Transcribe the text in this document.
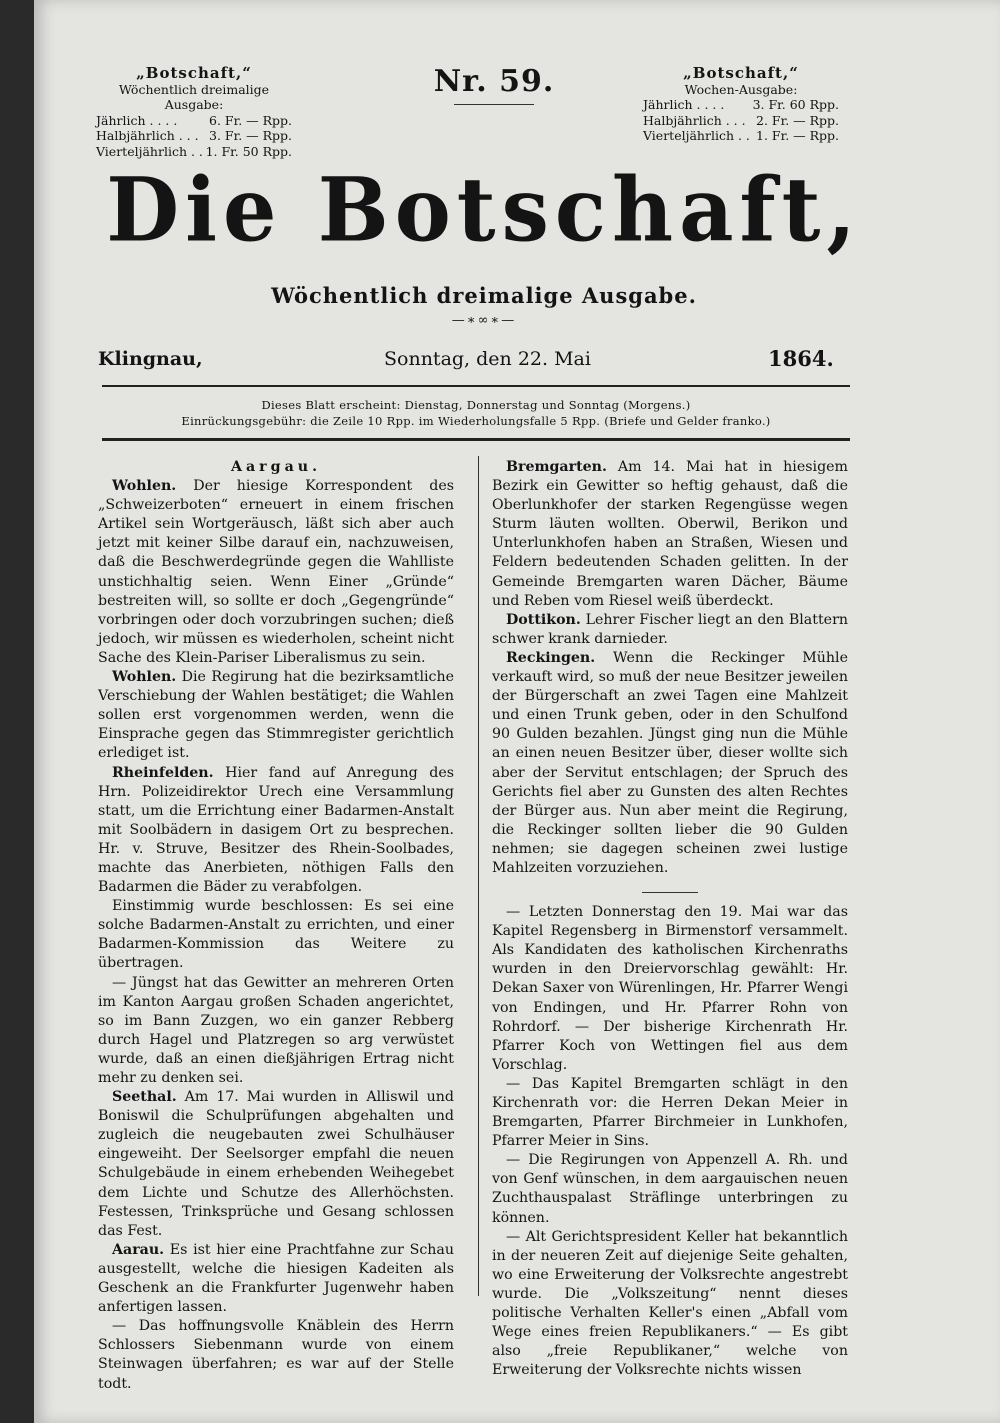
„Botschaft,“
Wöchentlich dreimalige Ausgabe:
Jährlich . . . .	6. Fr. — Rpp.
Halbjährlich . . . 3. Fr. — Rpp.
Vierteljährlich . . 1. Fr. 50 Rpp.
Nr. 59.	„Botschaft,“
Wochen-Ausgabe:
Jährlich . . . . 3. Fr. 60 Rpp.
Halbjährlich . . . 2. Fr. — Rpp.
Vierteljährlich . . 1. Fr. — Rpp.
Die Botschaft,
Wöchentlich dreimalige Ausgabe.
—∗∞∗—
Klingnau,	Sonntag, den 22. Mai	1864.
Dieses Blatt erscheint: Dienstag, Donnerstag und Sonntag (Morgens.)
Einrückungsgebühr: die Zeile 10 Rpp. im Wiederholungsfalle 5 Rpp. (Briefe und Gelder franko.)

Aargau.

Wohlen. Der hiesige Korrespondent des „Schweizerboten“ erneuert in einem frischen Artikel sein Wortgeräusch, läßt sich aber auch jetzt mit keiner Silbe darauf ein, nachzuweisen, daß die Beschwerdegründe gegen die Wahlliste unstichhaltig seien. Wenn Einer „Gründe“ bestreiten will, so sollte er doch „Gegengründe“ vorbringen oder doch vorzubringen suchen; dieß jedoch, wir müssen es wiederholen, scheint nicht Sache des Klein-Pariser Liberalismus zu sein.

Wohlen. Die Regirung hat die bezirksamtliche Verschiebung der Wahlen bestätiget; die Wahlen sollen erst vorgenommen werden, wenn die Einsprache gegen das Stimmregister gerichtlich erlediget ist.

Rheinfelden. Hier fand auf Anregung des Hrn. Polizeidirektor Urech eine Versammlung statt, um die Errichtung einer Badarmen-Anstalt mit Soolbädern in dasigem Ort zu besprechen. Hr. v. Struve, Besitzer des Rhein-Soolbades, machte das Anerbieten, nöthigen Falls den Badarmen die Bäder zu verabfolgen.

Einstimmig wurde beschlossen: Es sei eine solche Badarmen-Anstalt zu errichten, und einer Badarmen-Kommission das Weitere zu übertragen.

— Jüngst hat das Gewitter an mehreren Orten im Kanton Aargau großen Schaden angerichtet, so im Bann Zuzgen, wo ein ganzer Rebberg durch Hagel und Platzregen so arg verwüstet wurde, daß an einen dießjährigen Ertrag nicht mehr zu denken sei.

Seethal. Am 17. Mai wurden in Alliswil und Boniswil die Schulprüfungen abgehalten und zugleich die neugebauten zwei Schulhäuser eingeweiht. Der Seelsorger empfahl die neuen Schulgebäude in einem erhebenden Weihegebet dem Lichte und Schutze des Allerhöchsten. Festessen, Trinksprüche und Gesang schlossen das Fest.

Aarau. Es ist hier eine Prachtfahne zur Schau ausgestellt, welche die hiesigen Kadeiten als Geschenk an die Frankfurter Jugenwehr haben anfertigen lassen.

— Das hoffnungsvolle Knäblein des Herrn Schlossers Siebenmann wurde von einem Steinwagen überfahren; es war auf der Stelle todt.

Bremgarten. Am 14. Mai hat in hiesigem Bezirk ein Gewitter so heftig gehaust, daß die Oberlunkhofer der starken Regengüsse wegen Sturm läuten wollten. Oberwil, Berikon und Unterlunkhofen haben an Straßen, Wiesen und Feldern bedeutenden Schaden gelitten. In der Gemeinde Bremgarten waren Dächer, Bäume und Reben vom Riesel weiß überdeckt.

Dottikon. Lehrer Fischer liegt an den Blattern schwer krank darnieder.

Reckingen. Wenn die Reckinger Mühle verkauft wird, so muß der neue Besitzer jeweilen der Bürgerschaft an zwei Tagen eine Mahlzeit und einen Trunk geben, oder in den Schulfond 90 Gulden bezahlen. Jüngst ging nun die Mühle an einen neuen Besitzer über, dieser wollte sich aber der Servitut entschlagen; der Spruch des Gerichts fiel aber zu Gunsten des alten Rechtes der Bürger aus. Nun aber meint die Regirung, die Reckinger sollten lieber die 90 Gulden nehmen; sie dagegen scheinen zwei lustige Mahlzeiten vorzuziehen.

— Letzten Donnerstag den 19. Mai war das Kapitel Regensberg in Birmenstorf versammelt. Als Kandidaten des katholischen Kirchenraths wurden in den Dreiervorschlag gewählt: Hr. Dekan Saxer von Würenlingen, Hr. Pfarrer Wengi von Endingen, und Hr. Pfarrer Rohn von Rohrdorf. — Der bisherige Kirchenrath Hr. Pfarrer Koch von Wettingen fiel aus dem Vorschlag.

— Das Kapitel Bremgarten schlägt in den Kirchenrath vor: die Herren Dekan Meier in Bremgarten, Pfarrer Birchmeier in Lunkhofen, Pfarrer Meier in Sins.

— Die Regirungen von Appenzell A. Rh. und von Genf wünschen, in dem aargauischen neuen Zuchthauspalast Sträflinge unterbringen zu können.

— Alt Gerichtspresident Keller hat bekanntlich in der neueren Zeit auf diejenige Seite gehalten, wo eine Erweiterung der Volksrechte angestrebt wurde. Die „Volkszeitung“ nennt dieses politische Verhalten Keller's einen „Abfall vom Wege eines freien Republikaners.“ — Es gibt also „freie Republikaner,“ welche von Erweiterung der Volksrechte nichts wissen
